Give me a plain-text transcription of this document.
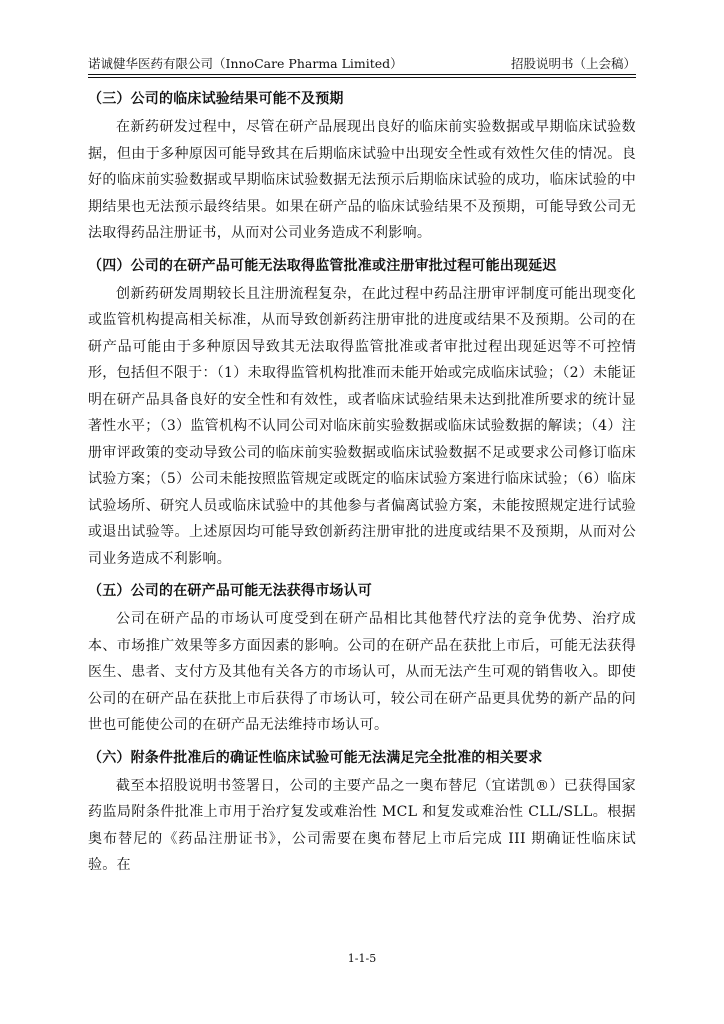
诺诚健华医药有限公司（InnoCare Pharma Limited）	招股说明书（上会稿）
（三）公司的临床试验结果可能不及预期

在新药研发过程中，尽管在研产品展现出良好的临床前实验数据或早期临床试验数据，但由于多种原因可能导致其在后期临床试验中出现安全性或有效性欠佳的情况。良好的临床前实验数据或早期临床试验数据无法预示后期临床试验的成功，临床试验的中期结果也无法预示最终结果。如果在研产品的临床试验结果不及预期，可能导致公司无法取得药品注册证书，从而对公司业务造成不利影响。

（四）公司的在研产品可能无法取得监管批准或注册审批过程可能出现延迟

创新药研发周期较长且注册流程复杂，在此过程中药品注册审评制度可能出现变化或监管机构提高相关标准，从而导致创新药注册审批的进度或结果不及预期。公司的在研产品可能由于多种原因导致其无法取得监管批准或者审批过程出现延迟等不可控情形，包括但不限于：（1）未取得监管机构批准而未能开始或完成临床试验；（2）未能证明在研产品具备良好的安全性和有效性，或者临床试验结果未达到批准所要求的统计显著性水平；（3）监管机构不认同公司对临床前实验数据或临床试验数据的解读；（4）注册审评政策的变动导致公司的临床前实验数据或临床试验数据不足或要求公司修订临床试验方案；（5）公司未能按照监管规定或既定的临床试验方案进行临床试验；（6）临床试验场所、研究人员或临床试验中的其他参与者偏离试验方案，未能按照规定进行试验或退出试验等。上述原因均可能导致创新药注册审批的进度或结果不及预期，从而对公司业务造成不利影响。

（五）公司的在研产品可能无法获得市场认可

公司在研产品的市场认可度受到在研产品相比其他替代疗法的竞争优势、治疗成本、市场推广效果等多方面因素的影响。公司的在研产品在获批上市后，可能无法获得医生、患者、支付方及其他有关各方的市场认可，从而无法产生可观的销售收入。即使公司的在研产品在获批上市后获得了市场认可，较公司在研产品更具优势的新产品的问世也可能使公司的在研产品无法维持市场认可。

（六）附条件批准后的确证性临床试验可能无法满足完全批准的相关要求

截至本招股说明书签署日，公司的主要产品之一奥布替尼（宜诺凯®）已获得国家药监局附条件批准上市用于治疗复发或难治性 MCL 和复发或难治性 CLL/SLL。根据奥布替尼的《药品注册证书》，公司需要在奥布替尼上市后完成 III 期确证性临床试验。在

1-1-5
